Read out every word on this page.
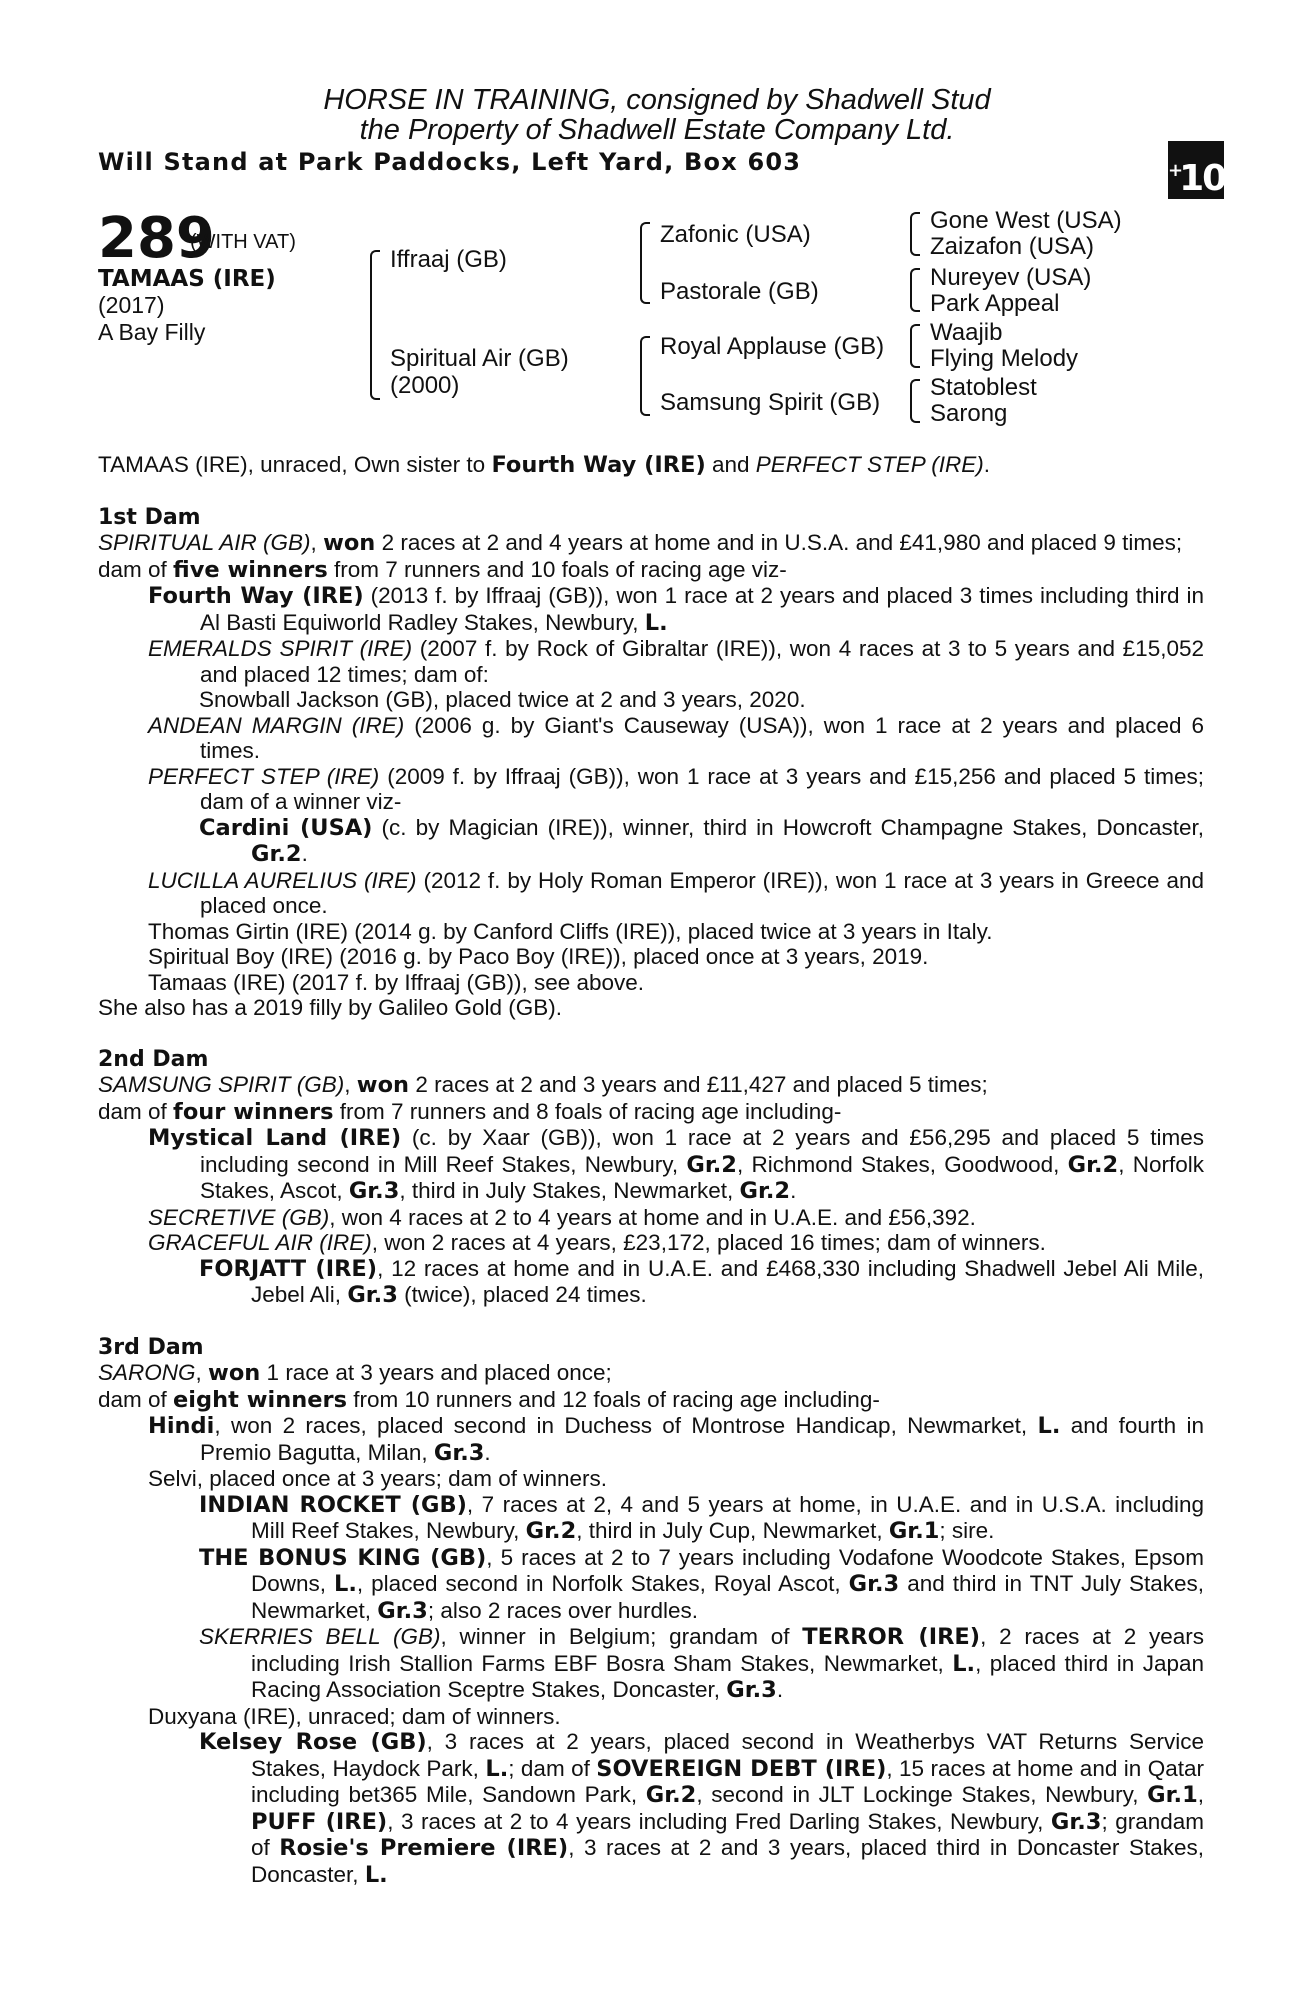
HORSE IN TRAINING, consigned by Shadwell Stud
the Property of Shadwell Estate Company Ltd.
Will Stand at Park Paddocks, Left Yard, Box 603	+10
289
(WITH VAT)
TAMAAS (IRE)
(2017)
A Bay Filly
Iffraaj (GB)
Spiritual Air (GB)
(2000)
Zafonic (USA)
Pastorale (GB)
Royal Applause (GB)
Samsung Spirit (GB)
Gone West (USA)
Zaizafon (USA)
Nureyev (USA)
Park Appeal
Waajib
Flying Melody
Statoblest
Sarong

TAMAAS (IRE), unraced, Own sister to Fourth Way (IRE) and PERFECT STEP (IRE).

1st Dam

SPIRITUAL AIR (GB), won 2 races at 2 and 4 years at home and in U.S.A. and £41,980 and placed 9 times;

dam of five winners from 7 runners and 10 foals of racing age viz-

Fourth Way (IRE) (2013 f. by Iffraaj (GB)), won 1 race at 2 years and placed 3 times including third in Al Basti Equiworld Radley Stakes, Newbury, L.

EMERALDS SPIRIT (IRE) (2007 f. by Rock of Gibraltar (IRE)), won 4 races at 3 to 5 years and £15,052 and placed 12 times; dam of:

Snowball Jackson (GB), placed twice at 2 and 3 years, 2020.

ANDEAN MARGIN (IRE) (2006 g. by Giant's Causeway (USA)), won 1 race at 2 years and placed 6 times.

PERFECT STEP (IRE) (2009 f. by Iffraaj (GB)), won 1 race at 3 years and £15,256 and placed 5 times; dam of a winner viz-

Cardini (USA) (c. by Magician (IRE)), winner, third in Howcroft Champagne Stakes, Doncaster, Gr.2.

LUCILLA AURELIUS (IRE) (2012 f. by Holy Roman Emperor (IRE)), won 1 race at 3 years in Greece and placed once.

Thomas Girtin (IRE) (2014 g. by Canford Cliffs (IRE)), placed twice at 3 years in Italy.

Spiritual Boy (IRE) (2016 g. by Paco Boy (IRE)), placed once at 3 years, 2019.

Tamaas (IRE) (2017 f. by Iffraaj (GB)), see above.

She also has a 2019 filly by Galileo Gold (GB).

2nd Dam

SAMSUNG SPIRIT (GB), won 2 races at 2 and 3 years and £11,427 and placed 5 times;

dam of four winners from 7 runners and 8 foals of racing age including-

Mystical Land (IRE) (c. by Xaar (GB)), won 1 race at 2 years and £56,295 and placed 5 times including second in Mill Reef Stakes, Newbury, Gr.2, Richmond Stakes, Goodwood, Gr.2, Norfolk Stakes, Ascot, Gr.3, third in July Stakes, Newmarket, Gr.2.

SECRETIVE (GB), won 4 races at 2 to 4 years at home and in U.A.E. and £56,392.

GRACEFUL AIR (IRE), won 2 races at 4 years, £23,172, placed 16 times; dam of winners.

FORJATT (IRE), 12 races at home and in U.A.E. and £468,330 including Shadwell Jebel Ali Mile, Jebel Ali, Gr.3 (twice), placed 24 times.

3rd Dam

SARONG, won 1 race at 3 years and placed once;

dam of eight winners from 10 runners and 12 foals of racing age including-

Hindi, won 2 races, placed second in Duchess of Montrose Handicap, Newmarket, L. and fourth in Premio Bagutta, Milan, Gr.3.

Selvi, placed once at 3 years; dam of winners.

INDIAN ROCKET (GB), 7 races at 2, 4 and 5 years at home, in U.A.E. and in U.S.A. including Mill Reef Stakes, Newbury, Gr.2, third in July Cup, Newmarket, Gr.1; sire.

THE BONUS KING (GB), 5 races at 2 to 7 years including Vodafone Woodcote Stakes, Epsom Downs, L., placed second in Norfolk Stakes, Royal Ascot, Gr.3 and third in TNT July Stakes, Newmarket, Gr.3; also 2 races over hurdles.

SKERRIES BELL (GB), winner in Belgium; grandam of TERROR (IRE), 2 races at 2 years including Irish Stallion Farms EBF Bosra Sham Stakes, Newmarket, L., placed third in Japan Racing Association Sceptre Stakes, Doncaster, Gr.3.

Duxyana (IRE), unraced; dam of winners.

Kelsey Rose (GB), 3 races at 2 years, placed second in Weatherbys VAT Returns Service Stakes, Haydock Park, L.; dam of SOVEREIGN DEBT (IRE), 15 races at home and in Qatar including bet365 Mile, Sandown Park, Gr.2, second in JLT Lockinge Stakes, Newbury, Gr.1, PUFF (IRE), 3 races at 2 to 4 years including Fred Darling Stakes, Newbury, Gr.3; grandam of Rosie's Premiere (IRE), 3 races at 2 and 3 years, placed third in Doncaster Stakes, Doncaster, L.
